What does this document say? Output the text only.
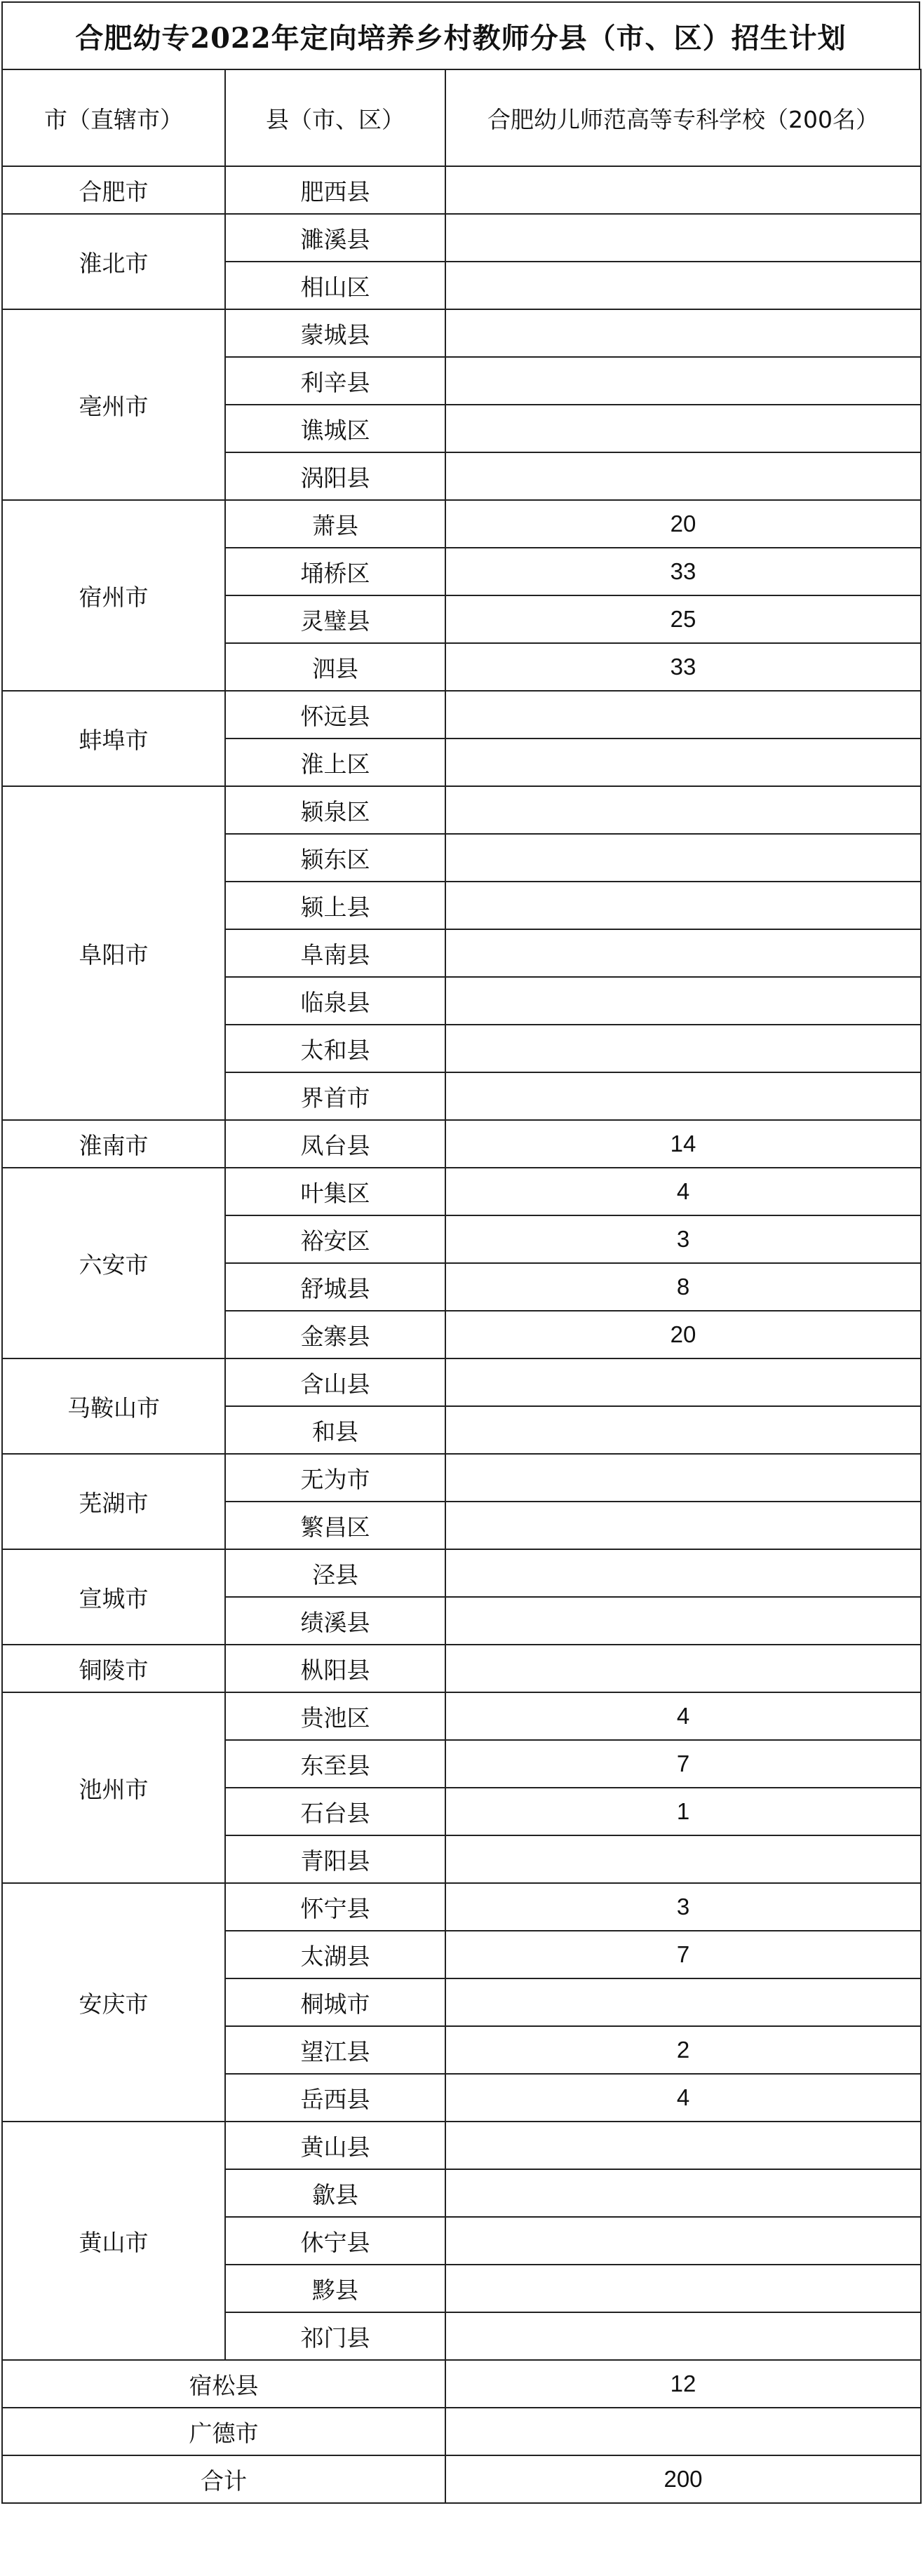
合肥幼专2022年定向培养乡村教师分县（市、区）招生计划
市（直辖市）	县（市、区）	合肥幼儿师范高等专科学校（200名）
合肥市	肥西县	
淮北市	濉溪县	
	相山区	
亳州市	蒙城县	
	利辛县	
	谯城区	
	涡阳县	
宿州市	萧县	20
	埇桥区	33
	灵璧县	25
	泗县	33
蚌埠市	怀远县	
	淮上区	
阜阳市	颍泉区	
	颍东区	
	颍上县	
	阜南县	
	临泉县	
	太和县	
	界首市	
淮南市	凤台县	14
六安市	叶集区	4
	裕安区	3
	舒城县	8
	金寨县	20
马鞍山市	含山县	
	和县	
芜湖市	无为市	
	繁昌区	
宣城市	泾县	
	绩溪县	
铜陵市	枞阳县	
池州市	贵池区	4
	东至县	7
	石台县	1
	青阳县	
安庆市	怀宁县	3
	太湖县	7
	桐城市	
	望江县	2
	岳西县	4
黄山市	黄山县	
	歙县	
	休宁县	
	黟县	
	祁门县	
宿松县		12
广德市		
合计		200
